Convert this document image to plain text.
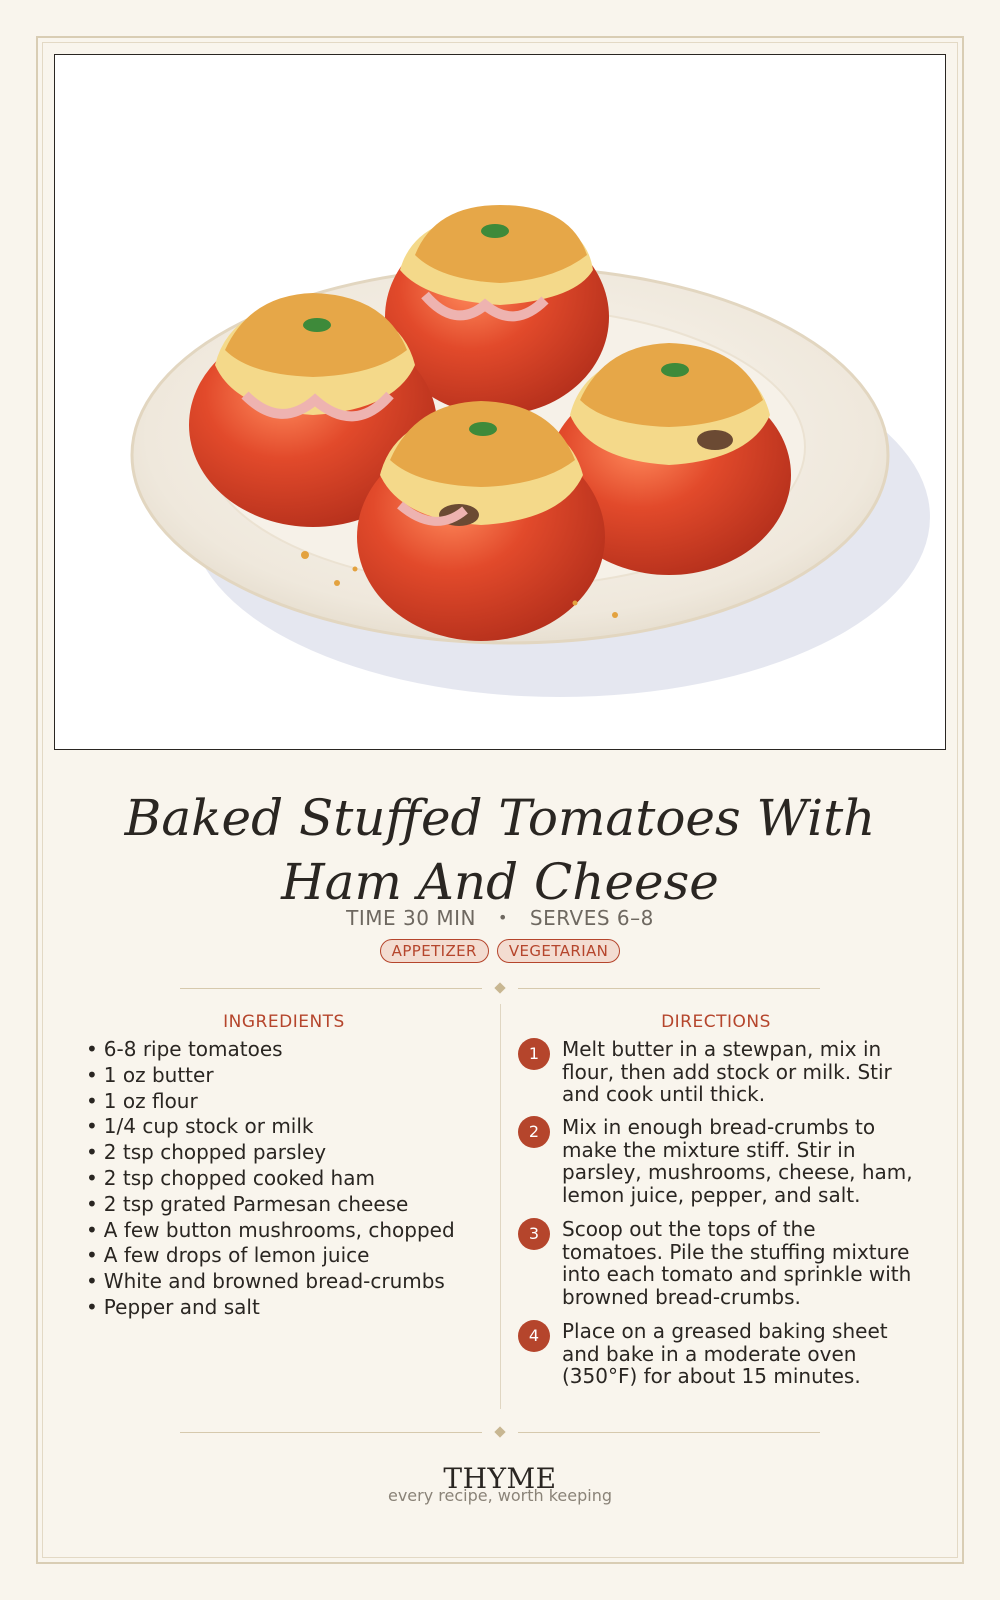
Baked Stuffed Tomatoes With Ham And Cheese
TIME 30 MIN • SERVES 6–8
APPETIZER VEGETARIAN
INGREDIENTS	DIRECTIONS
• 6-8 ripe tomatoes
• 1 oz butter
• 1 oz flour
• 1/4 cup stock or milk
• 2 tsp chopped parsley
• 2 tsp chopped cooked ham
• 2 tsp grated Parmesan cheese
• A few button mushrooms, chopped
• A few drops of lemon juice
• White and browned bread-crumbs
• Pepper and salt
1	Melt butter in a stewpan, mix in flour, then add stock or milk. Stir and cook until thick.
2	Mix in enough bread-crumbs to make the mixture stiff. Stir in parsley, mushrooms, cheese, ham, lemon juice, pepper, and salt.
3	Scoop out the tops of the tomatoes. Pile the stuffing mixture into each tomato and sprinkle with browned bread-crumbs.
4	Place on a greased baking sheet and bake in a moderate oven (350°F) for about 15 minutes.
THYME
every recipe, worth keeping
